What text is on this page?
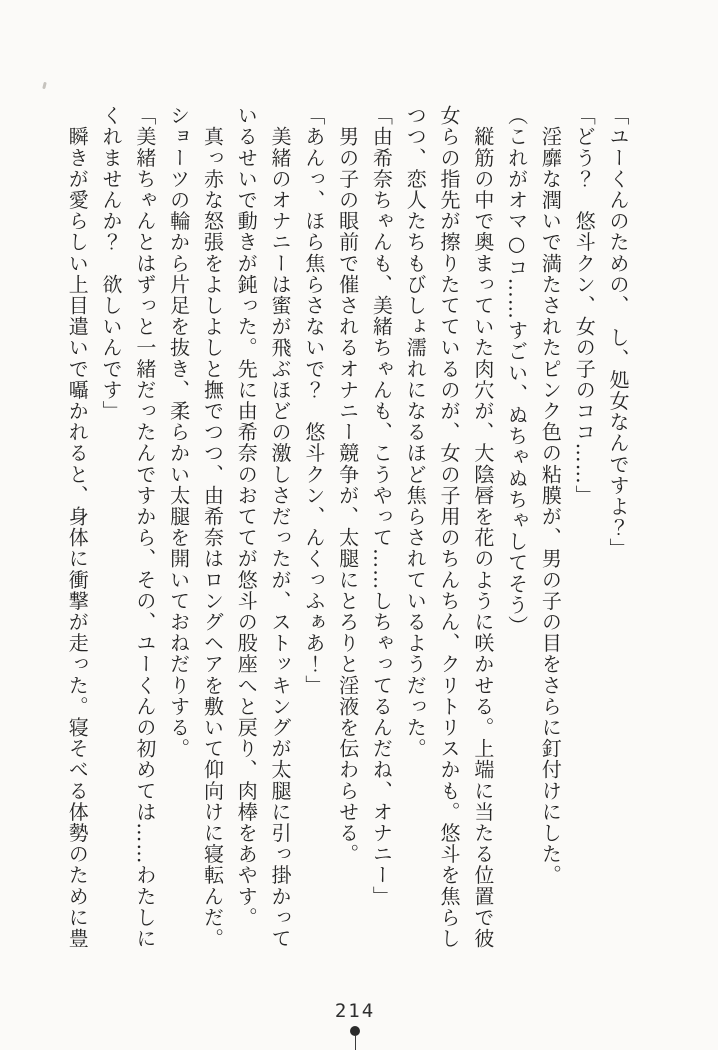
「ユーくんのための、　し、処女なんですよ？」
「どう？　悠斗クン、女の子のココ……」
　淫靡な潤いで満たされたピンク色の粘膜が、男の子の目をさらに釘付けにした。
（これがオマ○コ……すごい、ぬちゃぬちゃしてそう）
　縦筋の中で奥まっていた肉穴が、大陰唇を花のように咲かせる。上端に当たる位置で彼
女らの指先が擦りたてているのが、女の子用のちんちん、クリトリスかも。悠斗を焦らし
つつ、恋人たちもびしょ濡れになるほど焦らされているようだった。
「由希奈ちゃんも、美緒ちゃんも、こうやって……しちゃってるんだね、オナニー」
　男の子の眼前で催されるオナニー競争が、太腿にとろりと淫液を伝わらせる。
「あんっ、ほら焦らさないで？　悠斗クン、んくっふぁあ！」
　美緒のオナニーは蜜が飛ぶほどの激しさだったが、ストッキングが太腿に引っ掛かって
いるせいで動きが鈍った。先に由希奈のおててが悠斗の股座へと戻り、肉棒をあやす。
　真っ赤な怒張をよしよしと撫でつつ、由希奈はロングヘアを敷いて仰向けに寝転んだ。
ショーツの輪から片足を抜き、柔らかい太腿を開いておねだりする。
「美緒ちゃんとはずっと一緒だったんですから、その、ユーくんの初めては……わたしに
くれませんか？　欲しいんです」
　瞬きが愛らしい上目遣いで囁かれると、身体に衝撃が走った。寝そべる体勢のために豊
214
